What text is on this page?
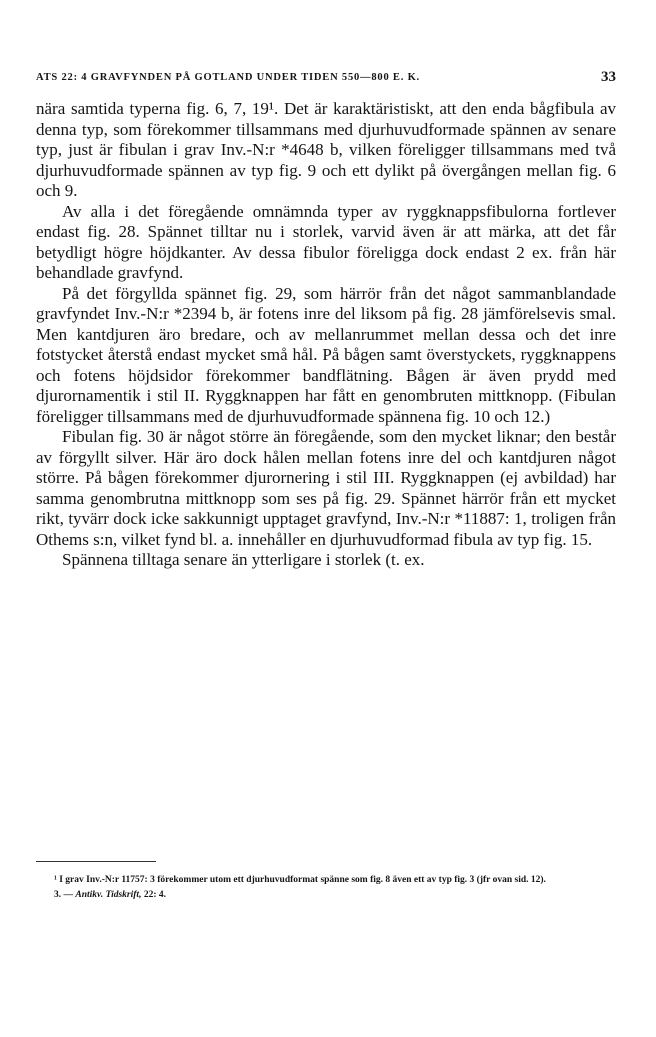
ATS 22: 4 GRAVFYNDEN PÅ GOTLAND UNDER TIDEN 550—800 E. K.	33

nära samtida typerna fig. 6, 7, 19¹. Det är karaktäristiskt, att den enda bågfibula av denna typ, som förekommer tillsammans med djurhuvudformade spännen av senare typ, just är fibulan i grav Inv.-N:r *4648 b, vilken föreligger tillsammans med två djurhuvudformade spännen av typ fig. 9 och ett dylikt på övergången mellan fig. 6 och 9.

Av alla i det föregående omnämnda typer av ryggknappsfibulorna fortlever endast fig. 28. Spännet tilltar nu i storlek, varvid även är att märka, att det får betydligt högre höjdkanter. Av dessa fibulor föreligga dock endast 2 ex. från här behandlade gravfynd.

På det förgyllda spännet fig. 29, som härrör från det något sammanblandade gravfyndet Inv.-N:r *2394 b, är fotens inre del liksom på fig. 28 jämförelsevis smal. Men kantdjuren äro bredare, och av mellanrummet mellan dessa och det inre fotstycket återstå endast mycket små hål. På bågen samt överstyckets, ryggknappens och fotens höjdsidor förekommer bandflätning. Bågen är även prydd med djurornamentik i stil II. Ryggknappen har fått en genombruten mittknopp. (Fibulan föreligger tillsammans med de djurhuvudformade spännena fig. 10 och 12.)

Fibulan fig. 30 är något större än föregående, som den mycket liknar; den består av förgyllt silver. Här äro dock hålen mellan fotens inre del och kantdjuren något större. På bågen förekommer djurornering i stil III. Ryggknappen (ej avbildad) har samma genombrutna mittknopp som ses på fig. 29. Spännet härrör från ett mycket rikt, tyvärr dock icke sakkunnigt upptaget gravfynd, Inv.-N:r *11887: 1, troligen från Othems s:n, vilket fynd bl. a. innehåller en djurhuvudformad fibula av typ fig. 15.

Spännena tilltaga senare än ytterligare i storlek (t. ex.

¹ I grav Inv.-N:r 11757: 3 förekommer utom ett djurhuvudformat spänne som fig. 8 även ett av typ fig. 3 (jfr ovan sid. 12).

3. — Antikv. Tidskrift, 22: 4.
